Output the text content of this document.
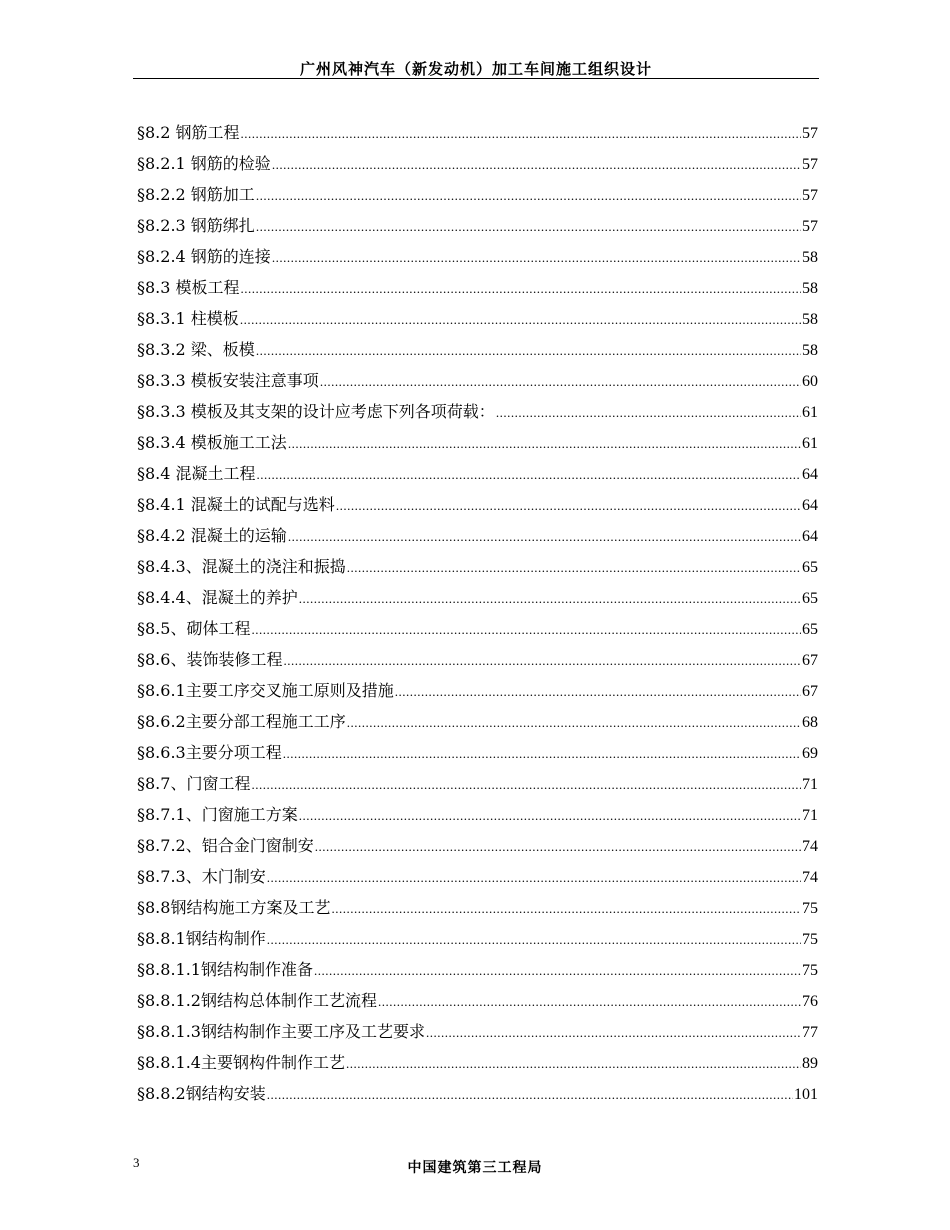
广州风神汽车（新发动机）加工车间施工组织设计
§8.2 钢筋工程 .....	57
§8.2.1 钢筋的检验 .....	57
§8.2.2 钢筋加工 .....	57
§8.2.3 钢筋绑扎 .....	57
§8.2.4 钢筋的连接 .....	58
§8.3 模板工程 .....	58
§8.3.1 柱模板 .....	58
§8.3.2 梁、板模 .....	58
§8.3.3 模板安装注意事项 .....	60
§8.3.3 模板及其支架的设计应考虑下列各项荷载： .....	61
§8.3.4 模板施工工法 .....	61
§8.4 混凝土工程 .....	64
§8.4.1 混凝土的试配与选料 .....	64
§8.4.2 混凝土的运输 .....	64
§8.4.3、混凝土的浇注和振捣 .....	65
§8.4.4、混凝土的养护 .....	65
§8.5、砌体工程 .....	65
§8.6、装饰装修工程 .....	67
§8.6.1主要工序交叉施工原则及措施 .....	67
§8.6.2主要分部工程施工工序 .....	68
§8.6.3主要分项工程 .....	69
§8.7、门窗工程 .....	71
§8.7.1、门窗施工方案 .....	71
§8.7.2、铝合金门窗制安 .....	74
§8.7.3、木门制安 .....	74
§8.8钢结构施工方案及工艺 .....	75
§8.8.1钢结构制作 .....	75
§8.8.1.1钢结构制作准备 .....	75
§8.8.1.2钢结构总体制作工艺流程 .....	76
§8.8.1.3钢结构制作主要工序及工艺要求 .....	77
§8.8.1.4主要钢构件制作工艺 .....	89
§8.8.2钢结构安装 .....	101
3	中国建筑第三工程局
